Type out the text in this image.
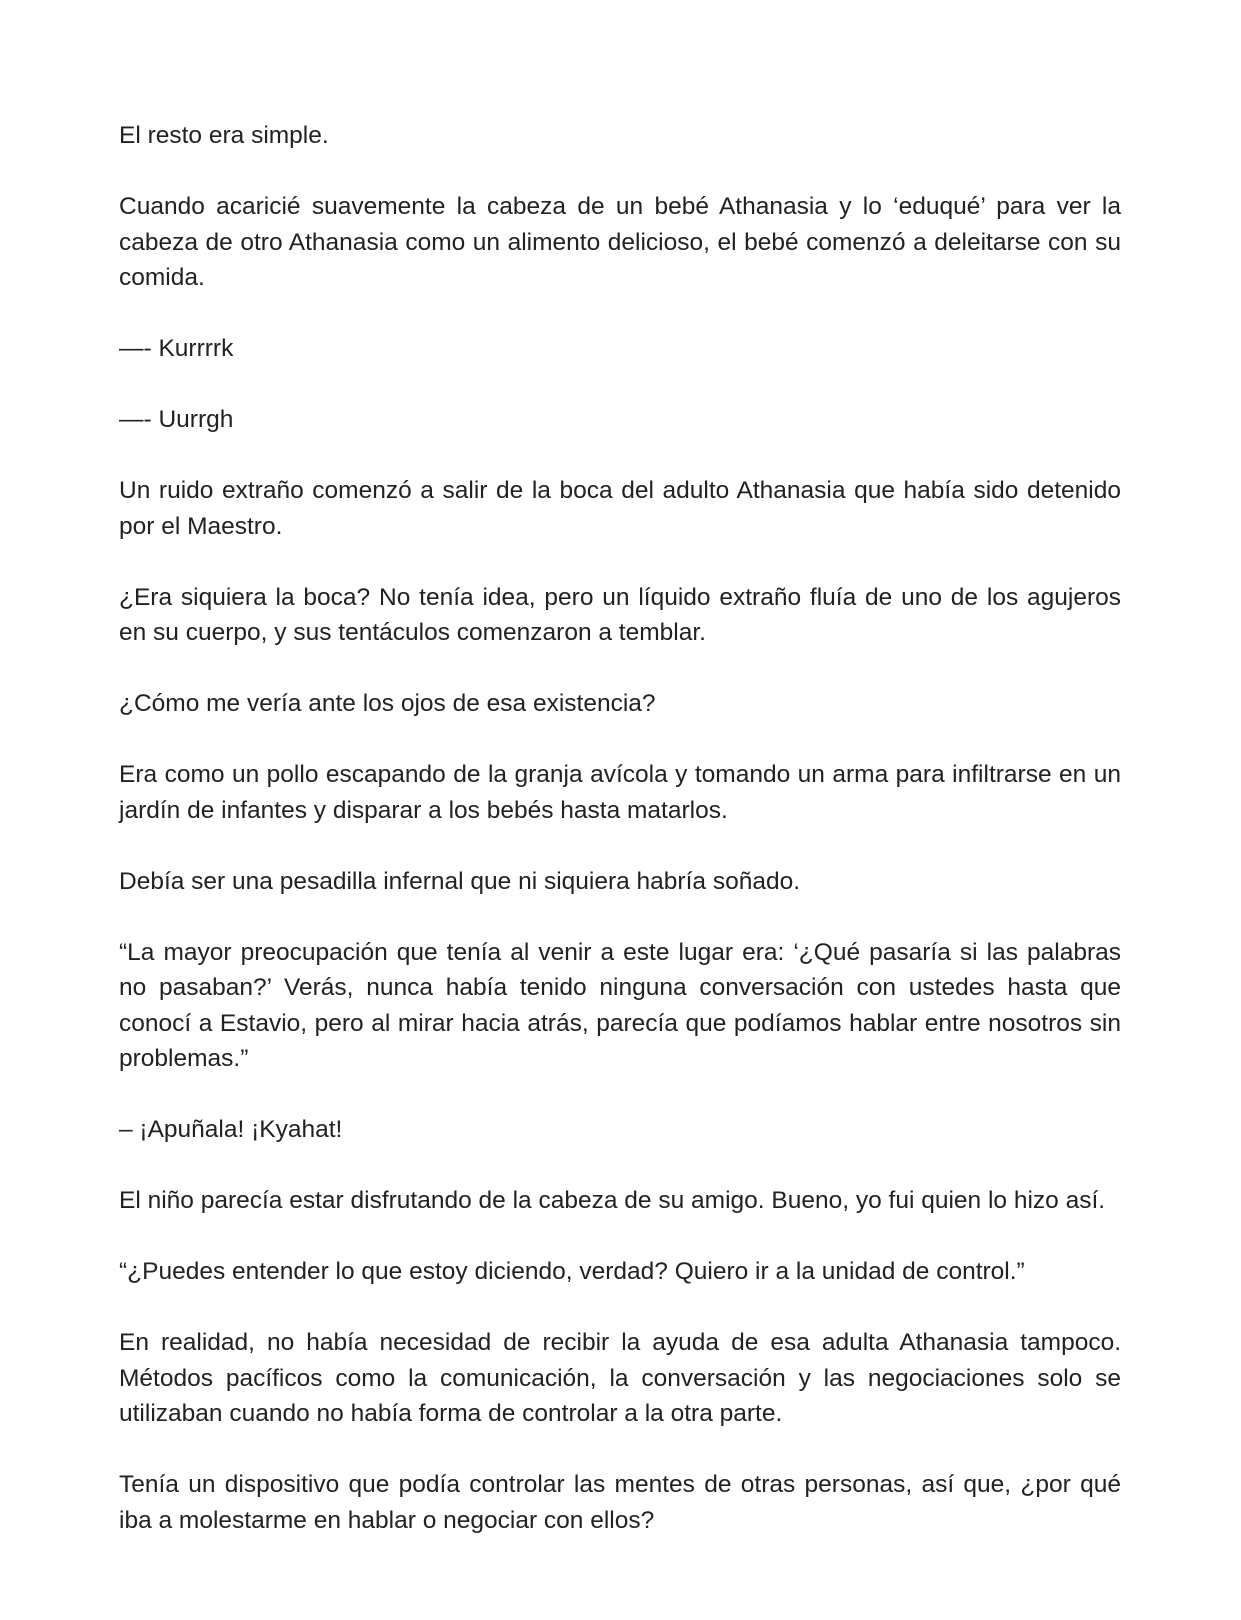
El resto era simple.

Cuando acaricié suavemente la cabeza de un bebé Athanasia y lo ‘eduqué’ para ver la cabeza de otro Athanasia como un alimento delicioso, el bebé comenzó a deleitarse con su comida.

—- Kurrrrk

—- Uurrgh

Un ruido extraño comenzó a salir de la boca del adulto Athanasia que había sido detenido por el Maestro.

¿Era siquiera la boca? No tenía idea, pero un líquido extraño fluía de uno de los agujeros en su cuerpo, y sus tentáculos comenzaron a temblar.

¿Cómo me vería ante los ojos de esa existencia?

Era como un pollo escapando de la granja avícola y tomando un arma para infiltrarse en un jardín de infantes y disparar a los bebés hasta matarlos.

Debía ser una pesadilla infernal que ni siquiera habría soñado.

“La mayor preocupación que tenía al venir a este lugar era: ‘¿Qué pasaría si las palabras no pasaban?’ Verás, nunca había tenido ninguna conversación con ustedes hasta que conocí a Estavio, pero al mirar hacia atrás, parecía que podíamos hablar entre nosotros sin problemas.”

– ¡Apuñala! ¡Kyahat!

El niño parecía estar disfrutando de la cabeza de su amigo. Bueno, yo fui quien lo hizo así.

“¿Puedes entender lo que estoy diciendo, verdad? Quiero ir a la unidad de control.”

En realidad, no había necesidad de recibir la ayuda de esa adulta Athanasia tampoco. Métodos pacíficos como la comunicación, la conversación y las negociaciones solo se utilizaban cuando no había forma de controlar a la otra parte.

Tenía un dispositivo que podía controlar las mentes de otras personas, así que, ¿por qué iba a molestarme en hablar o negociar con ellos?
